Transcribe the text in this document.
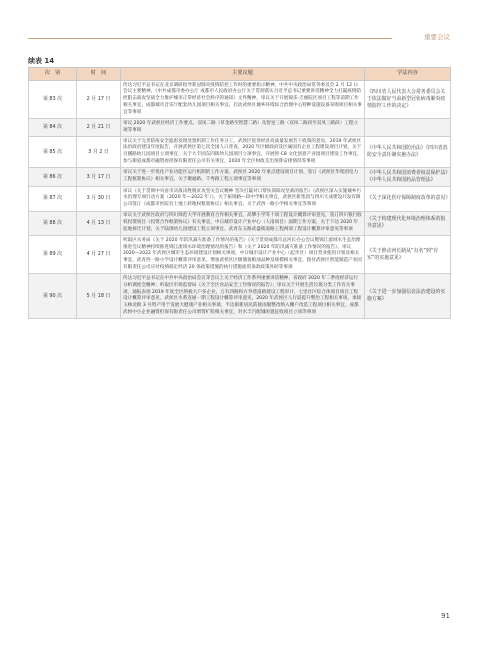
重要会议
续表 14
次　别	时　间	主要议题	学法内容
第 83 次	2 月 17 日	传达习近平总书记在北京调研指导新冠肺炎疫情防控工作时的重要指示精神，中共中央政治局常务委员会 2 月 12 日会议主要精神，《中共成都市委办公厅 成都市人民政府办公厅关于贯彻落实习近平总书记重要讲话精神全力打赢疫情防控阻击战攻坚战全力推护城市正常经济社会秩序的通知》文件精神，审议关于开展锦乐·吉丽院区项目工程等前期工作相关事宜、成都城市音乐厅配套幼儿园项目相关事宜、启动武侯区城乡环境综合治理中心特种设施设备采购项目相关事宜等事项	《四川省人民代表大会常务委员会关于依法做好当前新型冠状病毒肺炎疫情防控工作的决定》
第 84 次	2 月 21 日	审议 2020 年武侯区经济工作要点、双凤二路（草金路至智慧二路）及智星三路（双凤二路段至双凤三路段）工程立项等事项	
第 85 次	3 月 2 日	审议关于完善防疫安全隐患发现处置机制工作任务分工，武侯区促进经济高质量发展若干政策的意见，2019 年武侯区法治政府建设年度报告，开展武侯区第七次全国人口普查，2020 年区级政府及区属国有企业工程建设项目计划，关于百播路幼儿园项目立项事宜，关于大丰园东四街幼儿园项目立项事宜，开展智·C8 文化创意产业园项目建设工作事宜，参与街道成都市融资再担保有限责任公司有关事宜，2020 年全区财政支出预算安排情况等事项	《中华人民共和国防治法》《四川省消防安全责任制实施办法》
第 86 次	3 月 17 日	审议关于进一步优化产业功能区运行机制的工作方案、武侯区 2020 年重点建设项目计划、签订《武侯区华集团电力工程框架协议》相关事宜、关于聚福路、千秀路工程立项事宜等事项	《中华人民共和国消费者权益保护法》《中华人民共和国药品管理法》
第 87 次	3 月 30 日	审议《关于贯彻中央省市决战决胜脱贫攻坚关会议精神 坚决打赢对口帮扶简阳攻坚战的报告》《武侯区深入实施城乡污水治理专项行动方案（2020 年—2022 年）》，关于振锦路—段中学相关事宜，武侯区新集团与四川大成建设开发有限公司签订《成都市医院有土地上转地权框架协议》相关事宜，关于武西一路小学相关事宜等事项	《关于深化医疗保障制度改革的意见》
第 88 次	4 月 13 日	审议关于武侯区政府与四川师范大学开展教育合作相关事宜，高攀小学等十项工程设计概算评审意见，签订四川银行股权投资项目《投资合作框架协议》有关事宜、中日城市设计产业中心（人南项目）面期工作方案，关于下达 2020 年征地拆迁计划，关于陆围幼儿园建设工程立项事宜，武青东五路武盛街道路工程两项工程设计概算评审意见等事项	《关于构建现代化环境治理体系的指导意见》
第 89 次	4 月 27 日	听取区水务局《关于 2020 年防汛减灾准备工作情况的报告》《关于贯彻成都市总河长办公会议暨锦江流域水生态治理推进会议精神持续推进锦江流域水环境治理情况的报告》和《关于 2020 年防汛减灾准备工作情况的报告》，审议 2020—2022 年武侯区城市生态环境建设计划相关事项，中日城市设计产业中心（起步区）项目营业使用计划及相关事宜，武青西一路小学设计概算评审意见、增加武侯区区级储备粮油品种及规模相关事宜，拨付武侯区智能制造产业园有限责任公司应对疫情稳定经济 20 条政策措施的执行措施面贸条款政策补助等事项	《关于推动河长制从“有名”到“有实”的实施意见》
第 90 次	5 月 18 日	传达习近平总书记在中共中央政治局会议等会议上关于经济工作系列重要讲话精神、省政府 2020 年二季度经济运行分析调度会精神；听取区市场监督局《关于全区食品安全工作情况的报告》；审议关于开展生活垃圾分类工作有关事项，通报表扬 2019 年度全区纳税大户多企业，万有四路和方寿巷道路建设工程审计，七里社区综合体项目项目工程设计概算评审意见，武侯区水系连通一期工程设计概算评审意见、2020 年武侯区人行道提升整治工程相关事项，承接玉林北街 3 号资产用于发展大健康产业相关事项，半边街新居民防接雨服整改纳入棚户改造工程项目相关事宜，成都武侯中小企业融资担保有限责任公司增资扩股相关事宜，对水丰汽配城闲置征收项目立项等事项	《关于进一步加强信访法治建设的实施方案》
91
